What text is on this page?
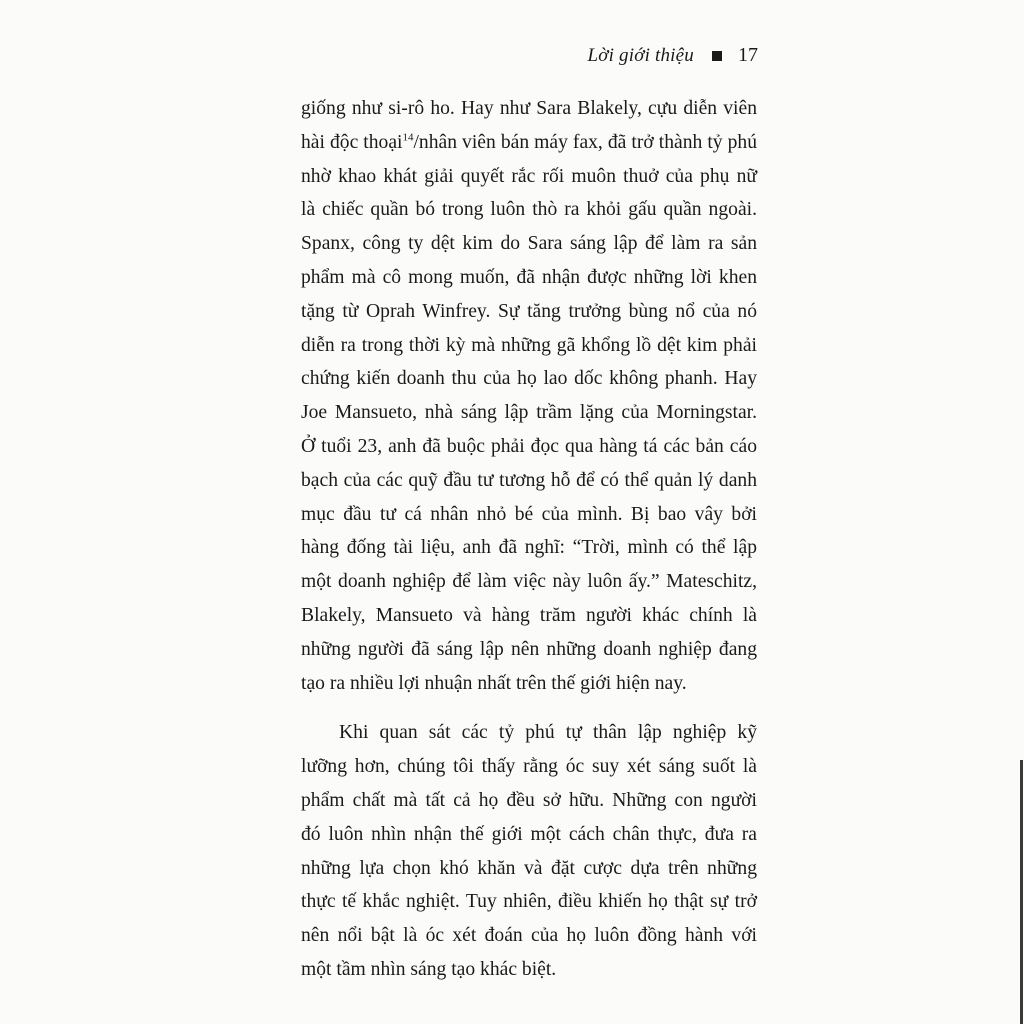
Lời giới thiệu 17
giống như si-rô ho. Hay như Sara Blakely, cựu diễn viên
hài độc thoại$^{14}$/nhân viên bán máy fax, đã trở thành tỷ phú
nhờ khao khát giải quyết rắc rối muôn thuở của phụ nữ
là chiếc quần bó trong luôn thò ra khỏi gấu quần ngoài.
Spanx, công ty dệt kim do Sara sáng lập để làm ra sản
phẩm mà cô mong muốn, đã nhận được những lời khen
tặng từ Oprah Winfrey. Sự tăng trưởng bùng nổ của nó
diễn ra trong thời kỳ mà những gã khổng lồ dệt kim phải
chứng kiến doanh thu của họ lao dốc không phanh. Hay
Joe Mansueto, nhà sáng lập trầm lặng của Morningstar.
Ở tuổi 23, anh đã buộc phải đọc qua hàng tá các bản cáo
bạch của các quỹ đầu tư tương hỗ để có thể quản lý danh
mục đầu tư cá nhân nhỏ bé của mình. Bị bao vây bởi
hàng đống tài liệu, anh đã nghĩ: “Trời, mình có thể lập
một doanh nghiệp để làm việc này luôn ấy.” Mateschitz,
Blakely, Mansueto và hàng trăm người khác chính là
những người đã sáng lập nên những doanh nghiệp đang
tạo ra nhiều lợi nhuận nhất trên thế giới hiện nay.
Khi quan sát các tỷ phú tự thân lập nghiệp kỹ
lưỡng hơn, chúng tôi thấy rằng óc suy xét sáng suốt là
phẩm chất mà tất cả họ đều sở hữu. Những con người
đó luôn nhìn nhận thế giới một cách chân thực, đưa ra
những lựa chọn khó khăn và đặt cược dựa trên những
thực tế khắc nghiệt. Tuy nhiên, điều khiến họ thật sự trở
nên nổi bật là óc xét đoán của họ luôn đồng hành với
một tầm nhìn sáng tạo khác biệt.
